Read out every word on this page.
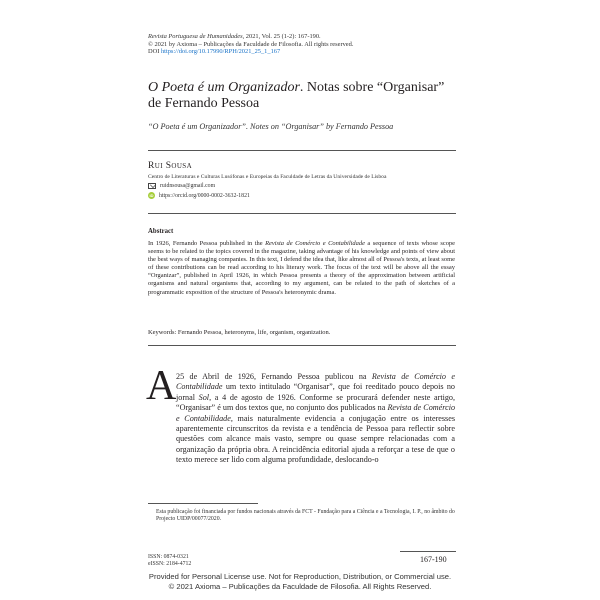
Revista Portuguesa de Humanidades, 2021, Vol. 25 (1-2): 167-190.
© 2021 by Axioma – Publicações da Faculdade de Filosofia. All rights reserved.
DOI https://doi.org/10.17990/RPH/2021_25_1_167
O Poeta é um Organizador. Notas sobre “Organisar” de Fernando Pessoa
“O Poeta é um Organizador”. Notes on “Organisar” by Fernando Pessoa
Rui Sousa
Centro de Literaturas e Culturas Lusófonas e Europeias da Faculdade de Letras da Universidade de Lisboa
ruidnsousa@gmail.com
iD https://orcid.org/0000-0002-3632-1821
Abstract

In 1926, Fernando Pessoa published in the Revista de Comércio e Contabilidade a sequence of texts whose scope seems to be related to the topics covered in the magazine, taking advantage of his knowledge and points of view about the best ways of managing companies. In this text, I defend the idea that, like almost all of Pessoa's texts, at least some of these contributions can be read according to his literary work. The focus of the text will be above all the essay “Organizar”, published in April 1926, in which Pessoa presents a theory of the approximation between artificial organisms and natural organisms that, according to my argument, can be related to the path of sketches of a programmatic exposition of the structure of Pessoa's heteronymic drama.

Keywords: Fernando Pessoa, heteronyms, life, organism, organization.
A 25 de Abril de 1926, Fernando Pessoa publicou na Revista de Comércio e Contabilidade um texto intitulado “Organisar”, que foi reeditado pouco depois no jornal Sol, a 4 de agosto de 1926. Conforme se procurará defender neste artigo, “Organisar” é um dos textos que, no conjunto dos publicados na Revista de Comércio e Contabilidade, mais naturalmente evidencia a conjugação entre os interesses aparentemente circunscritos da revista e a tendência de Pessoa para reflectir sobre questões com alcance mais vasto, sempre ou quase sempre relacionadas com a organização da própria obra. A reincidência editorial ajuda a reforçar a tese de que o texto merece ser lido com alguma profundidade, deslocando-o

Esta publicação foi financiada por fundos nacionais através da FCT - Fundação para a Ciência e a Tecnologia, I. P., no âmbito do Projecto UIDP/00077/2020.
ISSN: 0874-0321
eISSN: 2184-4712	167-190
Provided for Personal License use. Not for Reproduction, Distribution, or Commercial use.
© 2021 Axioma – Publicações da Faculdade de Filosofia. All Rights Reserved.
